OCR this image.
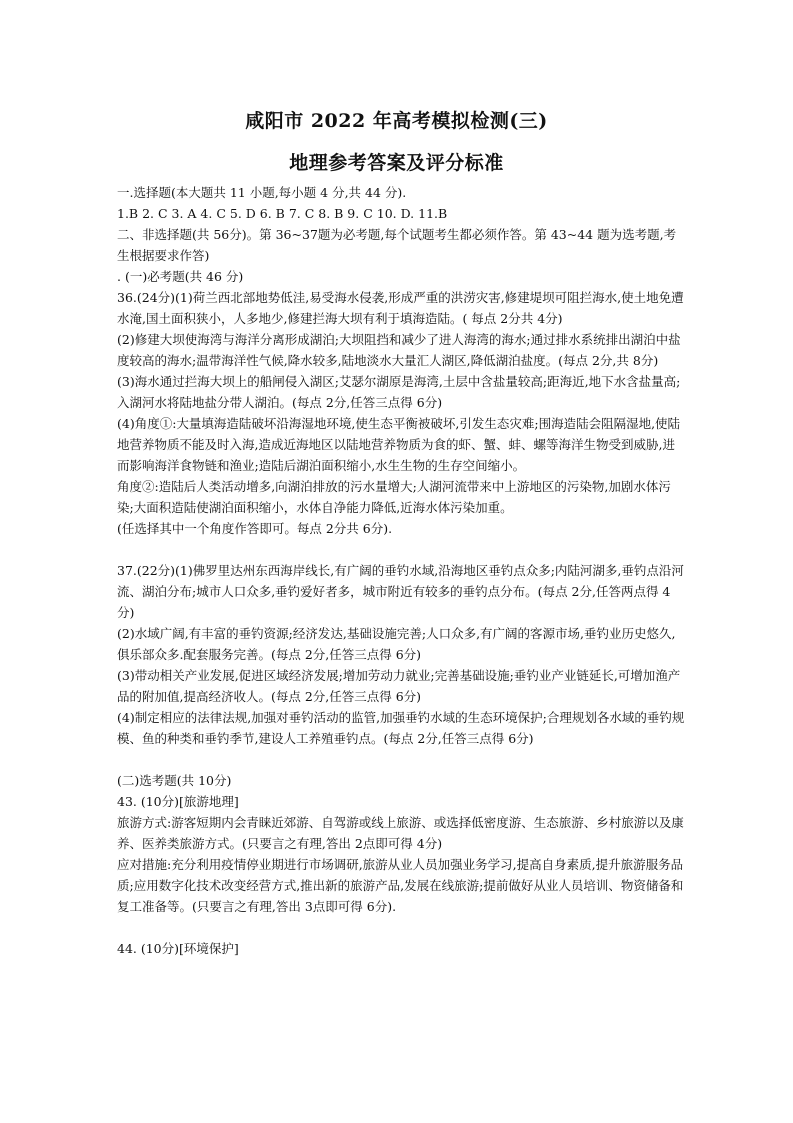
咸阳市 2022 年高考模拟检测(三)
地理参考答案及评分标准

一.选择题(本大题共 11 小题,每小题 4 分,共 44 分).

1.B 2. C 3. A 4. C 5. D 6. B 7. C 8. B 9. C 10. D. 11.B

二、非选择题(共 56分)。第 36~37题为必考题,每个试题考生都必须作答。第 43~44 题为选考题,考生根据要求作答)

. (一)必考题(共 46 分)

36.(24分)(1)荷兰西北部地势低洼,易受海水侵袭,形成严重的洪涝灾害,修建堤坝可阻拦海水,使土地免遭水淹,国土面积狭小，人多地少,修建拦海大坝有利于填海造陆。( 每点 2分共 4分)

(2)修建大坝使海湾与海洋分离形成湖泊;大坝阻挡和减少了进人海湾的海水;通过排水系统排出湖泊中盐度较高的海水;温带海洋性气候,降水较多,陆地淡水大量汇人湖区,降低湖泊盐度。(每点 2分,共 8分)

(3)海水通过拦海大坝上的船闸侵入湖区;艾瑟尔湖原是海湾,土层中含盐量较高;距海近,地下水含盐量高;入湖河水将陆地盐分带人湖泊。(每点 2分,任答三点得 6分)

(4)角度①:大量填海造陆破坏沿海湿地环境,使生态平衡被破坏,引发生态灾难;围海造陆会阻隔湿地,使陆地营养物质不能及时入海,造成近海地区以陆地营养物质为食的虾、蟹、蚌、螺等海洋生物受到威胁,进而影响海洋食物链和渔业;造陆后湖泊面积缩小,水生生物的生存空间缩小。

角度②:造陆后人类活动增多,向湖泊排放的污水量增大;人湖河流带来中上游地区的污染物,加剧水体污染;大面积造陆使湖泊面积缩小，水体自净能力降低,近海水体污染加重。

(任选择其中一个角度作答即可。每点 2分共 6分).

37.(22分)(1)佛罗里达州东西海岸线长,有广阔的垂钓水域,沿海地区垂钓点众多;内陆河湖多,垂钓点沿河流、湖泊分布;城市人口众多,垂钓爱好者多，城市附近有较多的垂钓点分布。(每点 2分,任答两点得 4分)

(2)水域广阔,有丰富的垂钓资源;经济发达,基础设施完善;人口众多,有广阔的客源市场,垂钓业历史悠久,俱乐部众多.配套服务完善。(每点 2分,任答三点得 6分)

(3)带动相关产业发展,促进区域经济发展;增加劳动力就业;完善基础设施;垂钓业产业链延长,可增加渔产品的附加值,提高经济收人。(每点 2分,任答三点得 6分)

(4)制定相应的法律法规,加强对垂钓活动的监管,加强垂钓水域的生态环境保护;合理规划各水域的垂钓规模、鱼的种类和垂钓季节,建设人工养殖垂钓点。(每点 2分,任答三点得 6分)

(二)选考题(共 10分)

43. (10分)[旅游地理]

旅游方式:游客短期内会青睐近郊游、自驾游或线上旅游、或选择低密度游、生态旅游、乡村旅游以及康养、医养类旅游方式。(只要言之有理,答出 2点即可得 4分)

应对措施:充分利用疫情停业期进行市场调研,旅游从业人员加强业务学习,提高自身素质,提升旅游服务品质;应用数字化技术改变经营方式,推出新的旅游产品,发展在线旅游;提前做好从业人员培训、物资储备和复工准备等。(只要言之有理,答出 3点即可得 6分).

44. (10分)[环境保护]
